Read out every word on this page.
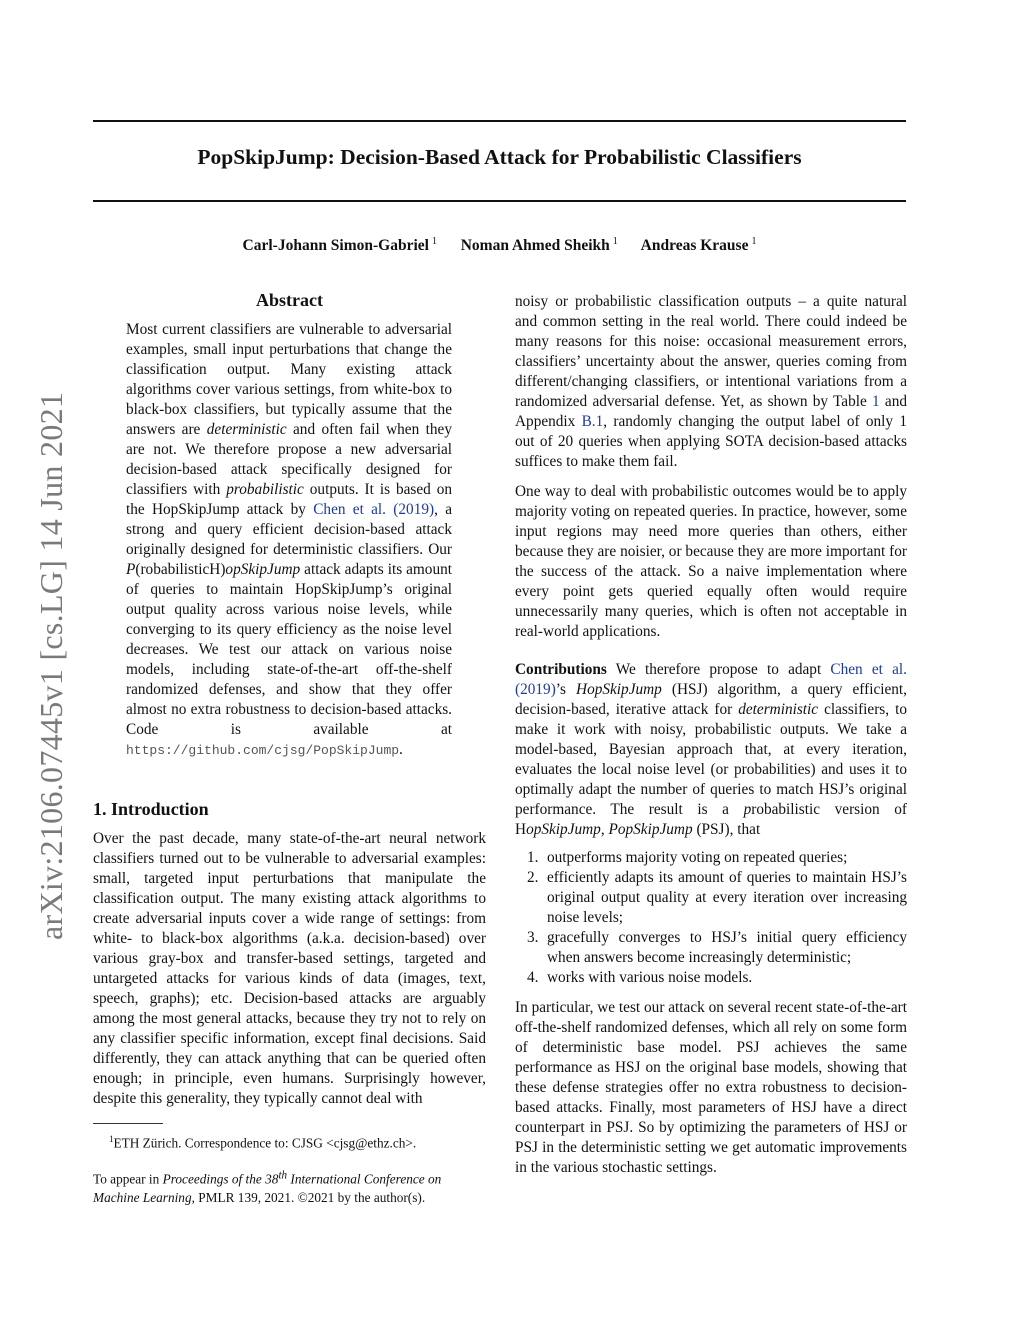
arXiv:2106.07445v1 [cs.LG] 14 Jun 2021
PopSkipJump: Decision-Based Attack for Probabilistic Classifiers
Carl-Johann Simon-Gabriel $^1$ Noman Ahmed Sheikh $^1$ Andreas Krause $^1$
Abstract

Most current classifiers are vulnerable to adversarial examples, small input perturbations that change the classification output. Many existing attack algorithms cover various settings, from white-box to black-box classifiers, but typically assume that the answers are deterministic and often fail when they are not. We therefore propose a new adversarial decision-based attack specifically designed for classifiers with probabilistic outputs. It is based on the HopSkipJump attack by Chen et al. (2019), a strong and query efficient decision-based attack originally designed for deterministic classifiers. Our P(robabilisticH)opSkipJump attack adapts its amount of queries to maintain HopSkipJump’s original output quality across various noise levels, while converging to its query efficiency as the noise level decreases. We test our attack on various noise models, including state-of-the-art off-the-shelf randomized defenses, and show that they offer almost no extra robustness to decision-based attacks. Code is available at https://github.com/cjsg/PopSkipJump.

1. Introduction

Over the past decade, many state-of-the-art neural network classifiers turned out to be vulnerable to adversarial examples: small, targeted input perturbations that manipulate the classification output. The many existing attack algorithms to create adversarial inputs cover a wide range of settings: from white- to black-box algorithms (a.k.a. decision-based) over various gray-box and transfer-based settings, targeted and untargeted attacks for various kinds of data (images, text, speech, graphs); etc. Decision-based attacks are arguably among the most general attacks, because they try not to rely on any classifier specific information, except final decisions. Said differently, they can attack anything that can be queried often enough; in principle, even humans. Surprisingly however, despite this generality, they typically cannot deal with

$^1$ETH Zürich. Correspondence to: CJSG <cjsg@ethz.ch>.

To appear in Proceedings of the 38th International Conference on Machine Learning, PMLR 139, 2021. ©2021 by the author(s).

noisy or probabilistic classification outputs – a quite natural and common setting in the real world. There could indeed be many reasons for this noise: occasional measurement errors, classifiers’ uncertainty about the answer, queries coming from different/changing classifiers, or intentional variations from a randomized adversarial defense. Yet, as shown by Table 1 and Appendix B.1, randomly changing the output label of only 1 out of 20 queries when applying SOTA decision-based attacks suffices to make them fail.

One way to deal with probabilistic outcomes would be to apply majority voting on repeated queries. In practice, however, some input regions may need more queries than others, either because they are noisier, or because they are more important for the success of the attack. So a naive implementation where every point gets queried equally often would require unnecessarily many queries, which is often not acceptable in real-world applications.

Contributions We therefore propose to adapt Chen et al. (2019)’s HopSkipJump (HSJ) algorithm, a query efficient, decision-based, iterative attack for deterministic classifiers, to make it work with noisy, probabilistic outputs. We take a model-based, Bayesian approach that, at every iteration, evaluates the local noise level (or probabilities) and uses it to optimally adapt the number of queries to match HSJ’s original performance. The result is a probabilistic version of HopSkipJump, PopSkipJump (PSJ), that

1. outperforms majority voting on repeated queries;
2. efficiently adapts its amount of queries to maintain HSJ’s original output quality at every iteration over increasing noise levels;
3. gracefully converges to HSJ’s initial query efficiency when answers become increasingly deterministic;
4. works with various noise models.

In particular, we test our attack on several recent state-of-the-art off-the-shelf randomized defenses, which all rely on some form of deterministic base model. PSJ achieves the same performance as HSJ on the original base models, showing that these defense strategies offer no extra robustness to decision-based attacks. Finally, most parameters of HSJ have a direct counterpart in PSJ. So by optimizing the parameters of HSJ or PSJ in the deterministic setting we get automatic improvements in the various stochastic settings.
